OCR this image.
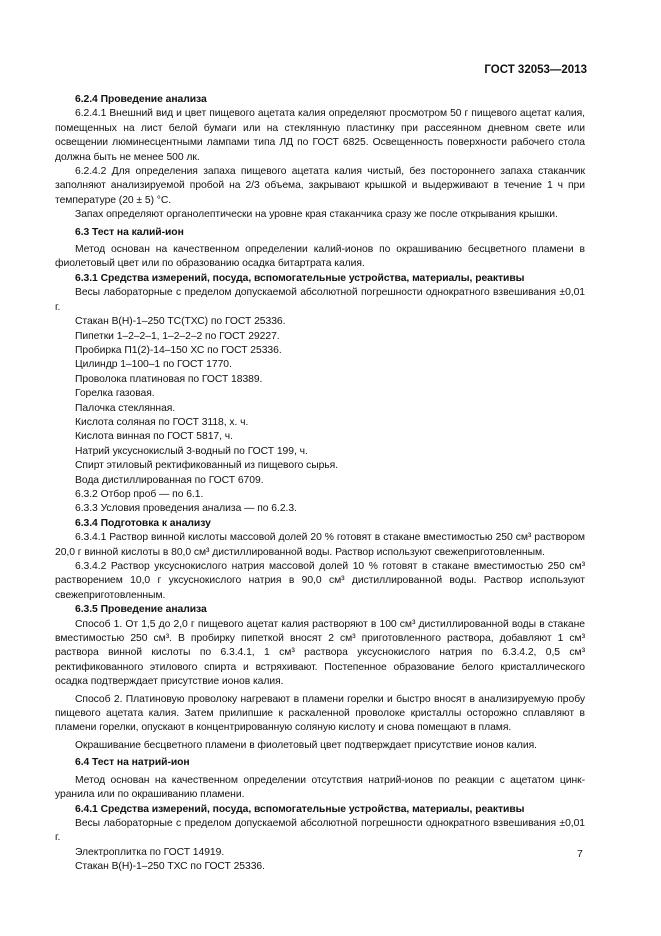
ГОСТ 32053—2013

6.2.4 Проведение анализа

6.2.4.1 Внешний вид и цвет пищевого ацетата калия определяют просмотром 50 г пищевого ацетат калия, помещенных на лист белой бумаги или на стеклянную пластинку при рассеянном дневном свете или освещении люминесцентными лампами типа ЛД по ГОСТ 6825. Освещенность поверхности рабочего стола должна быть не менее 500 лк.

6.2.4.2 Для определения запаха пищевого ацетата калия чистый, без постороннего запаха стаканчик заполняют анализируемой пробой на 2/3 объема, закрывают крышкой и выдерживают в течение 1 ч при температуре (20 ± 5) °С.

Запах определяют органолептически на уровне края стаканчика сразу же после открывания крышки.

6.3 Тест на калий-ион

Метод основан на качественном определении калий-ионов по окрашиванию бесцветного пламени в фиолетовый цвет или по образованию осадка битартрата калия.

6.3.1 Средства измерений, посуда, вспомогательные устройства, материалы, реактивы

Весы лабораторные с пределом допускаемой абсолютной погрешности однократного взвешивания ±0,01 г.

Стакан В(Н)-1–250 ТС(ТХС) по ГОСТ 25336.

Пипетки 1–2–2–1, 1–2–2–2 по ГОСТ 29227.

Пробирка П1(2)-14–150 ХС по ГОСТ 25336.

Цилиндр 1–100–1 по ГОСТ 1770.

Проволока платиновая по ГОСТ 18389.

Горелка газовая.

Палочка стеклянная.

Кислота соляная по ГОСТ 3118, х. ч.

Кислота винная по ГОСТ 5817, ч.

Натрий уксуснокислый 3-водный по ГОСТ 199, ч.

Спирт этиловый ректификованный из пищевого сырья.

Вода дистиллированная по ГОСТ 6709.

6.3.2 Отбор проб — по 6.1.

6.3.3 Условия проведения анализа — по 6.2.3.

6.3.4 Подготовка к анализу

6.3.4.1 Раствор винной кислоты массовой долей 20 % готовят в стакане вместимостью 250 см³ раствором 20,0 г винной кислоты в 80,0 см³ дистиллированной воды. Раствор используют свежеприготовленным.

6.3.4.2 Раствор уксуснокислого натрия массовой долей 10 % готовят в стакане вместимостью 250 см³ растворением 10,0 г уксуснокислого натрия в 90,0 см³ дистиллированной воды. Раствор используют свежеприготовленным.

6.3.5 Проведение анализа

Способ 1. От 1,5 до 2,0 г пищевого ацетат калия растворяют в 100 см³ дистиллированной воды в стакане вместимостью 250 см³. В пробирку пипеткой вносят 2 см³ приготовленного раствора, добавляют 1 см³ раствора винной кислоты по 6.3.4.1, 1 см³ раствора уксуснокислого натрия по 6.3.4.2, 0,5 см³ ректификованного этилового спирта и встряхивают. Постепенное образование белого кристаллического осадка подтверждает присутствие ионов калия.

Способ 2. Платиновую проволоку нагревают в пламени горелки и быстро вносят в анализируемую пробу пищевого ацетата калия. Затем прилипшие к раскаленной проволоке кристаллы осторожно сплавляют в пламени горелки, опускают в концентрированную соляную кислоту и снова помещают в пламя.

Окрашивание бесцветного пламени в фиолетовый цвет подтверждает присутствие ионов калия.

6.4 Тест на натрий-ион

Метод основан на качественном определении отсутствия натрий-ионов по реакции с ацетатом цинк-уранила или по окрашиванию пламени.

6.4.1 Средства измерений, посуда, вспомогательные устройства, материалы, реактивы

Весы лабораторные с пределом допускаемой абсолютной погрешности однократного взвешивания ±0,01 г.

Электроплитка по ГОСТ 14919.

Стакан В(Н)-1–250 ТХС по ГОСТ 25336.

7
